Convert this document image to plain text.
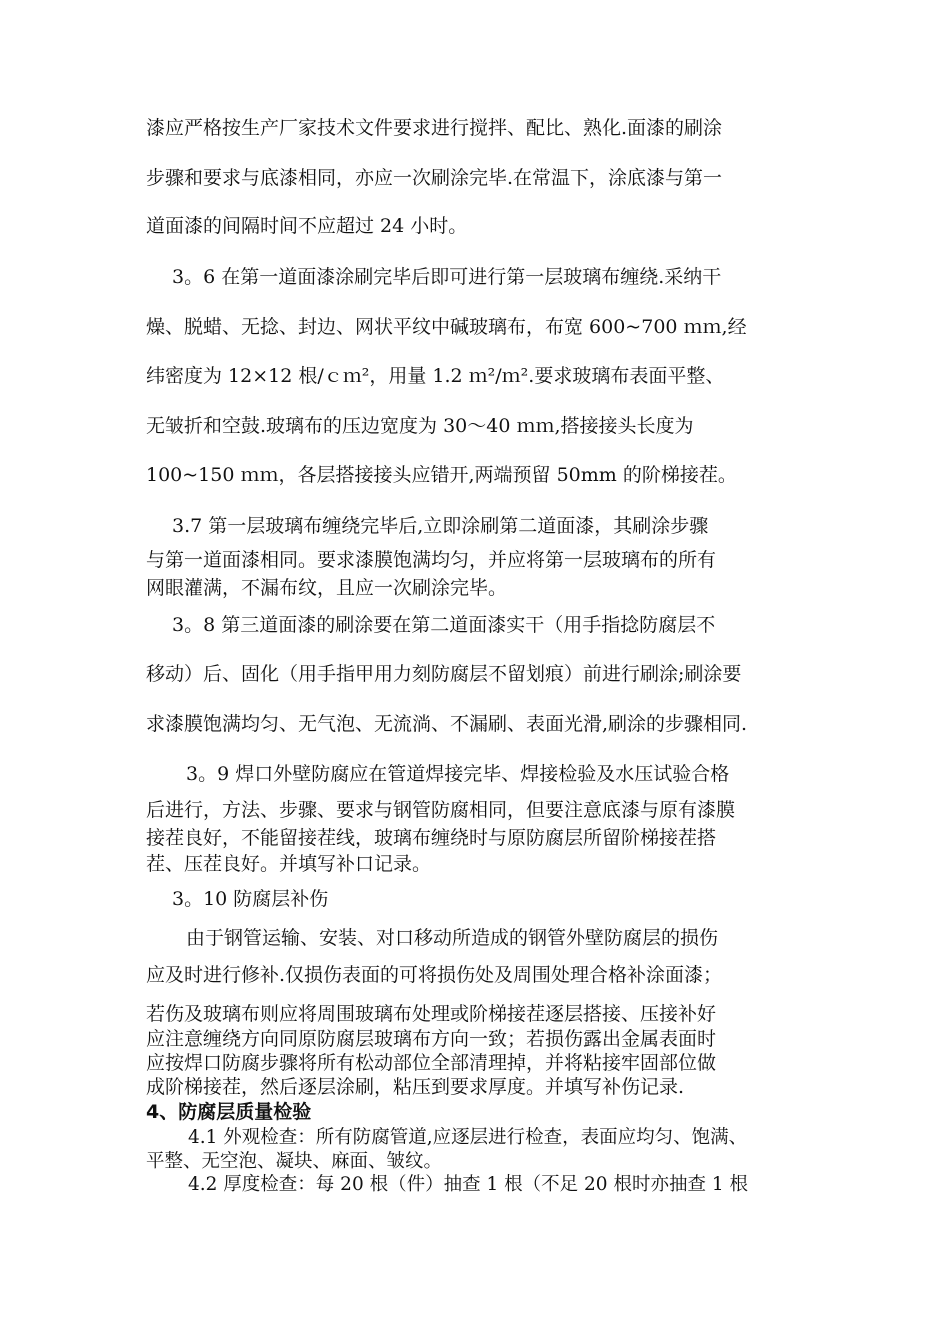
漆应严格按生产厂家技术文件要求进行搅拌、配比、熟化.面漆的刷涂
步骤和要求与底漆相同，亦应一次刷涂完毕.在常温下，涂底漆与第一
道面漆的间隔时间不应超过 24 小时。
3。6 在第一道面漆涂刷完毕后即可进行第一层玻璃布缠绕.采纳干
燥、脱蜡、无捻、封边、网状平纹中碱玻璃布，布宽 600~700 ｍｍ,经
纬密度为 12×12 根/ｃｍ²，用量 1.2 ｍ²/ｍ².要求玻璃布表面平整、
无皱折和空鼓.玻璃布的压边宽度为 30～40 ｍｍ,搭接接头长度为
100~150 ｍｍ，各层搭接接头应错开,两端预留 50mm 的阶梯接茬。
3.7 第一层玻璃布缠绕完毕后,立即涂刷第二道面漆，其刷涂步骤
与第一道面漆相同。要求漆膜饱满均匀，并应将第一层玻璃布的所有
网眼灌满，不漏布纹，且应一次刷涂完毕。
3。8 第三道面漆的刷涂要在第二道面漆实干（用手指捻防腐层不
移动）后、固化（用手指甲用力刻防腐层不留划痕）前进行刷涂;刷涂要
求漆膜饱满均匀、无气泡、无流淌、不漏刷、表面光滑,刷涂的步骤相同.
3。9 焊口外壁防腐应在管道焊接完毕、焊接检验及水压试验合格
后进行，方法、步骤、要求与钢管防腐相同，但要注意底漆与原有漆膜
接茬良好，不能留接茬线，玻璃布缠绕时与原防腐层所留阶梯接茬搭
茬、压茬良好。并填写补口记录。
3。10 防腐层补伤
由于钢管运输、安装、对口移动所造成的钢管外壁防腐层的损伤
应及时进行修补.仅损伤表面的可将损伤处及周围处理合格补涂面漆；
若伤及玻璃布则应将周围玻璃布处理或阶梯接茬逐层搭接、压接补好
应注意缠绕方向同原防腐层玻璃布方向一致；若损伤露出金属表面时
应按焊口防腐步骤将所有松动部位全部清理掉，并将粘接牢固部位做
成阶梯接茬，然后逐层涂刷，粘压到要求厚度。并填写补伤记录.
4、防腐层质量检验
4.1 外观检查：所有防腐管道,应逐层进行检查，表面应均匀、饱满、
平整、无空泡、凝块、麻面、皱纹。
4.2 厚度检查：每 20 根（件）抽查 1 根（不足 20 根时亦抽查 1 根
